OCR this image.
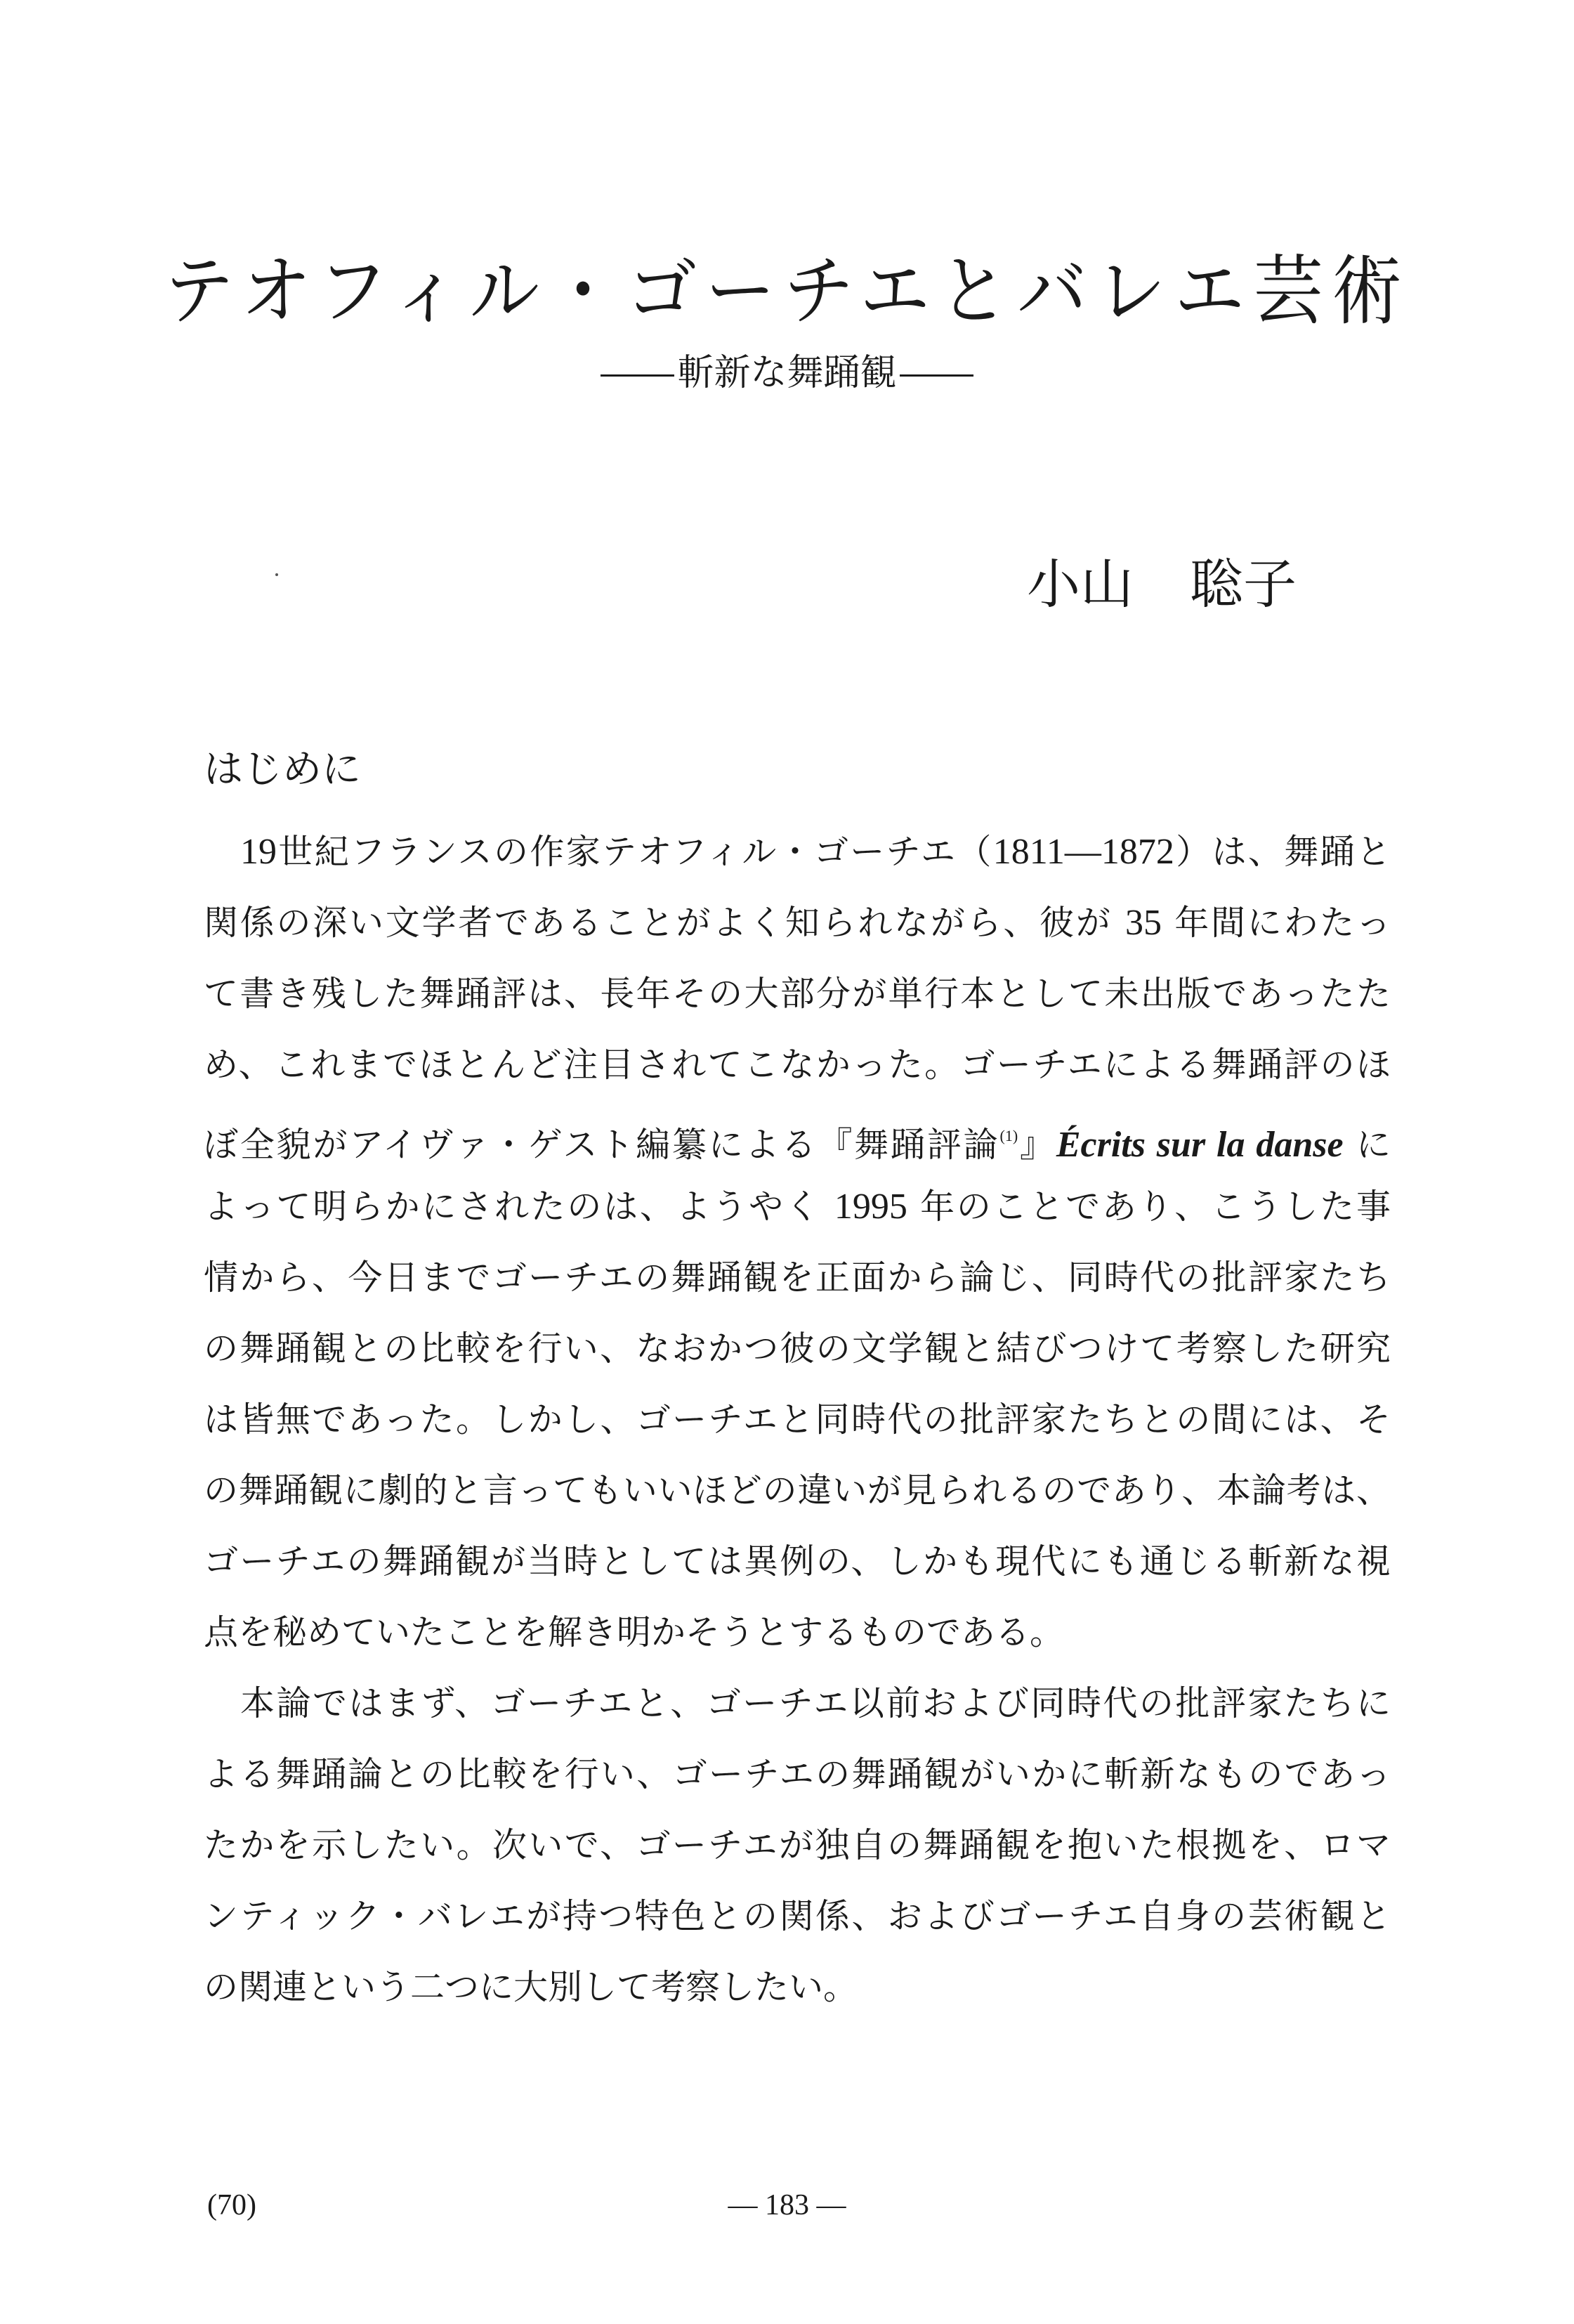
テオフィル・ゴーチエとバレエ芸術
斬新な舞踊観
小山 聡子
はじめに
19世紀フランスの作家テオフィル・ゴーチエ（1811—1872）は、舞踊と
関係の深い文学者であることがよく知られながら、彼が 35 年間にわたっ
て書き残した舞踊評は、長年その大部分が単行本として未出版であったた
め、これまでほとんど注目されてこなかった。ゴーチエによる舞踊評のほ
ぼ全貌がアイヴァ・ゲスト編纂による『舞踊評論$^{(1)}$』Écrits sur la danse に
よって明らかにされたのは、ようやく 1995 年のことであり、こうした事
情から、今日までゴーチエの舞踊観を正面から論じ、同時代の批評家たち
の舞踊観との比較を行い、なおかつ彼の文学観と結びつけて考察した研究
は皆無であった。しかし、ゴーチエと同時代の批評家たちとの間には、そ
の舞踊観に劇的と言ってもいいほどの違いが見られるのであり、本論考は、
ゴーチエの舞踊観が当時としては異例の、しかも現代にも通じる斬新な視
点を秘めていたことを解き明かそうとするものである。
本論ではまず、ゴーチエと、ゴーチエ以前および同時代の批評家たちに
よる舞踊論との比較を行い、ゴーチエの舞踊観がいかに斬新なものであっ
たかを示したい。次いで、ゴーチエが独自の舞踊観を抱いた根拠を、ロマ
ンティック・バレエが持つ特色との関係、およびゴーチエ自身の芸術観と
の関連という二つに大別して考察したい。
(70)	— 183 —
